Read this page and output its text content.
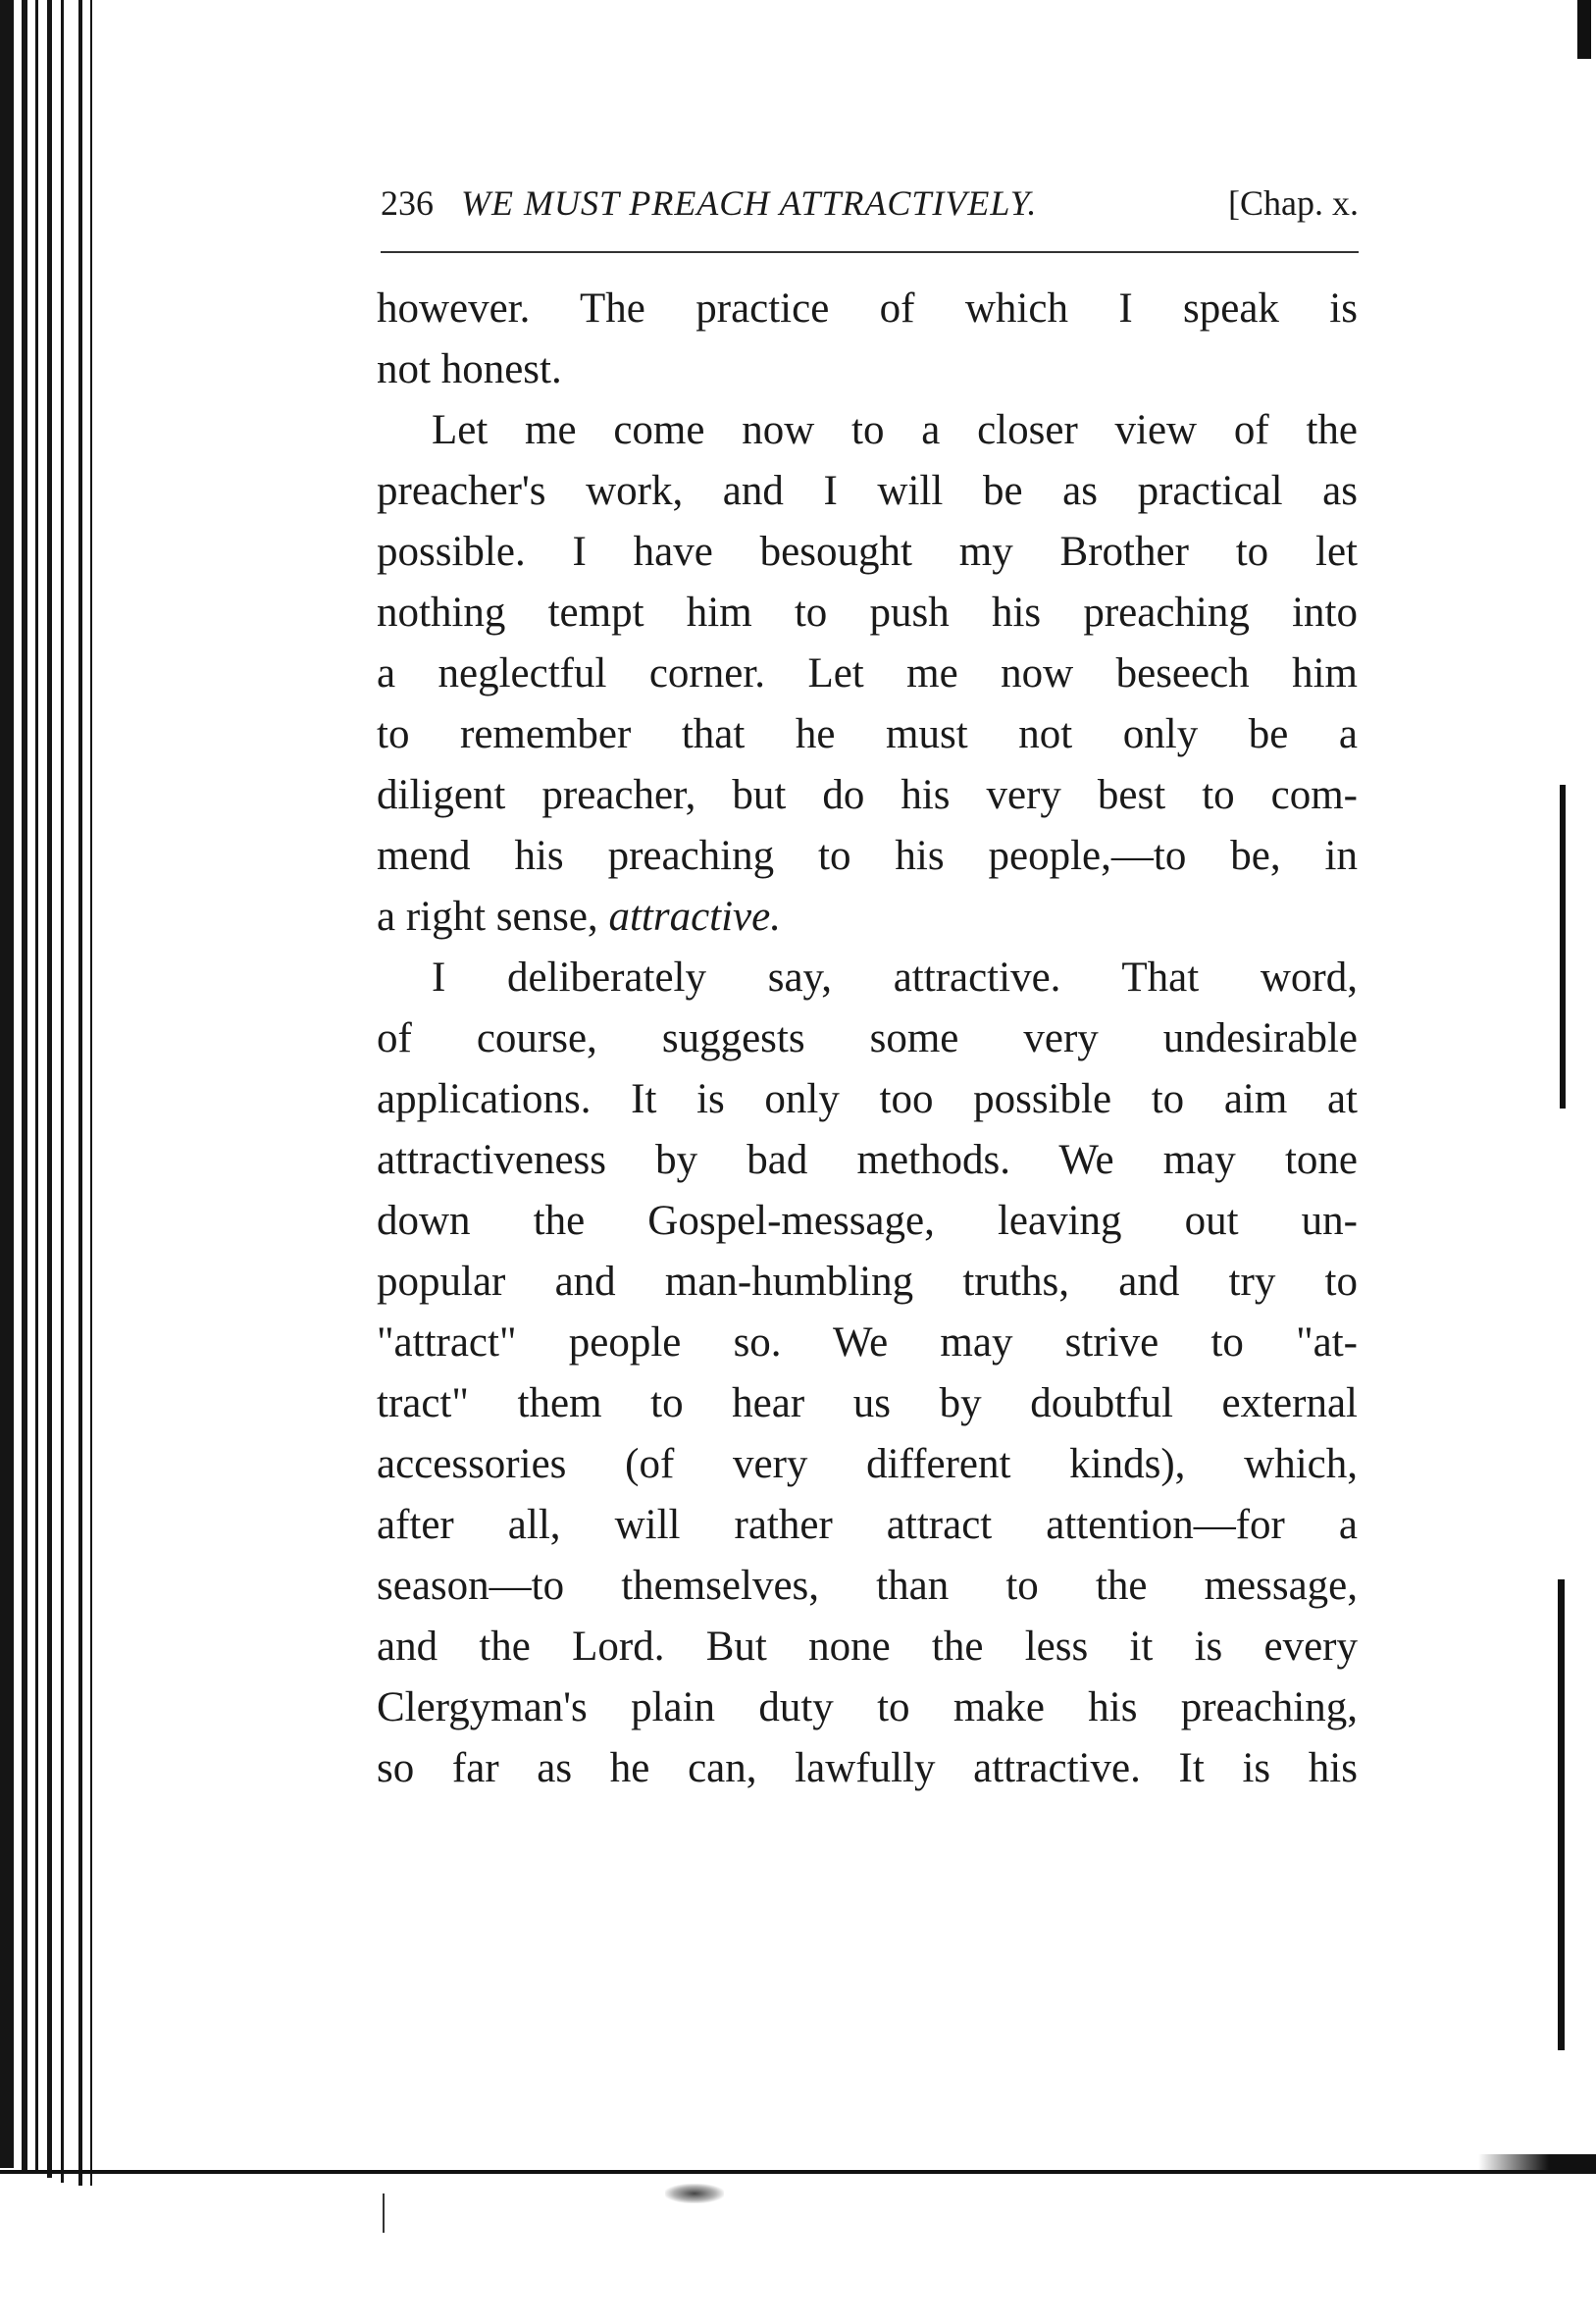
236 WE MUST PREACH ATTRACTIVELY.	[Chap. x.
however. The practice of which I speak is
not honest.
Let me come now to a closer view of the
preacher's work, and I will be as practical as
possible. I have besought my Brother to let
nothing tempt him to push his preaching into
a neglectful corner. Let me now beseech him
to remember that he must not only be a
diligent preacher, but do his very best to com-
mend his preaching to his people,—to be, in
a right sense, attractive.
I deliberately say, attractive. That word,
of course, suggests some very undesirable
applications. It is only too possible to aim at
attractiveness by bad methods. We may tone
down the Gospel-message, leaving out un-
popular and man-humbling truths, and try to
"attract" people so. We may strive to "at-
tract" them to hear us by doubtful external
accessories (of very different kinds), which,
after all, will rather attract attention—for a
season—to themselves, than to the message,
and the Lord. But none the less it is every
Clergyman's plain duty to make his preaching,
so far as he can, lawfully attractive. It is his
